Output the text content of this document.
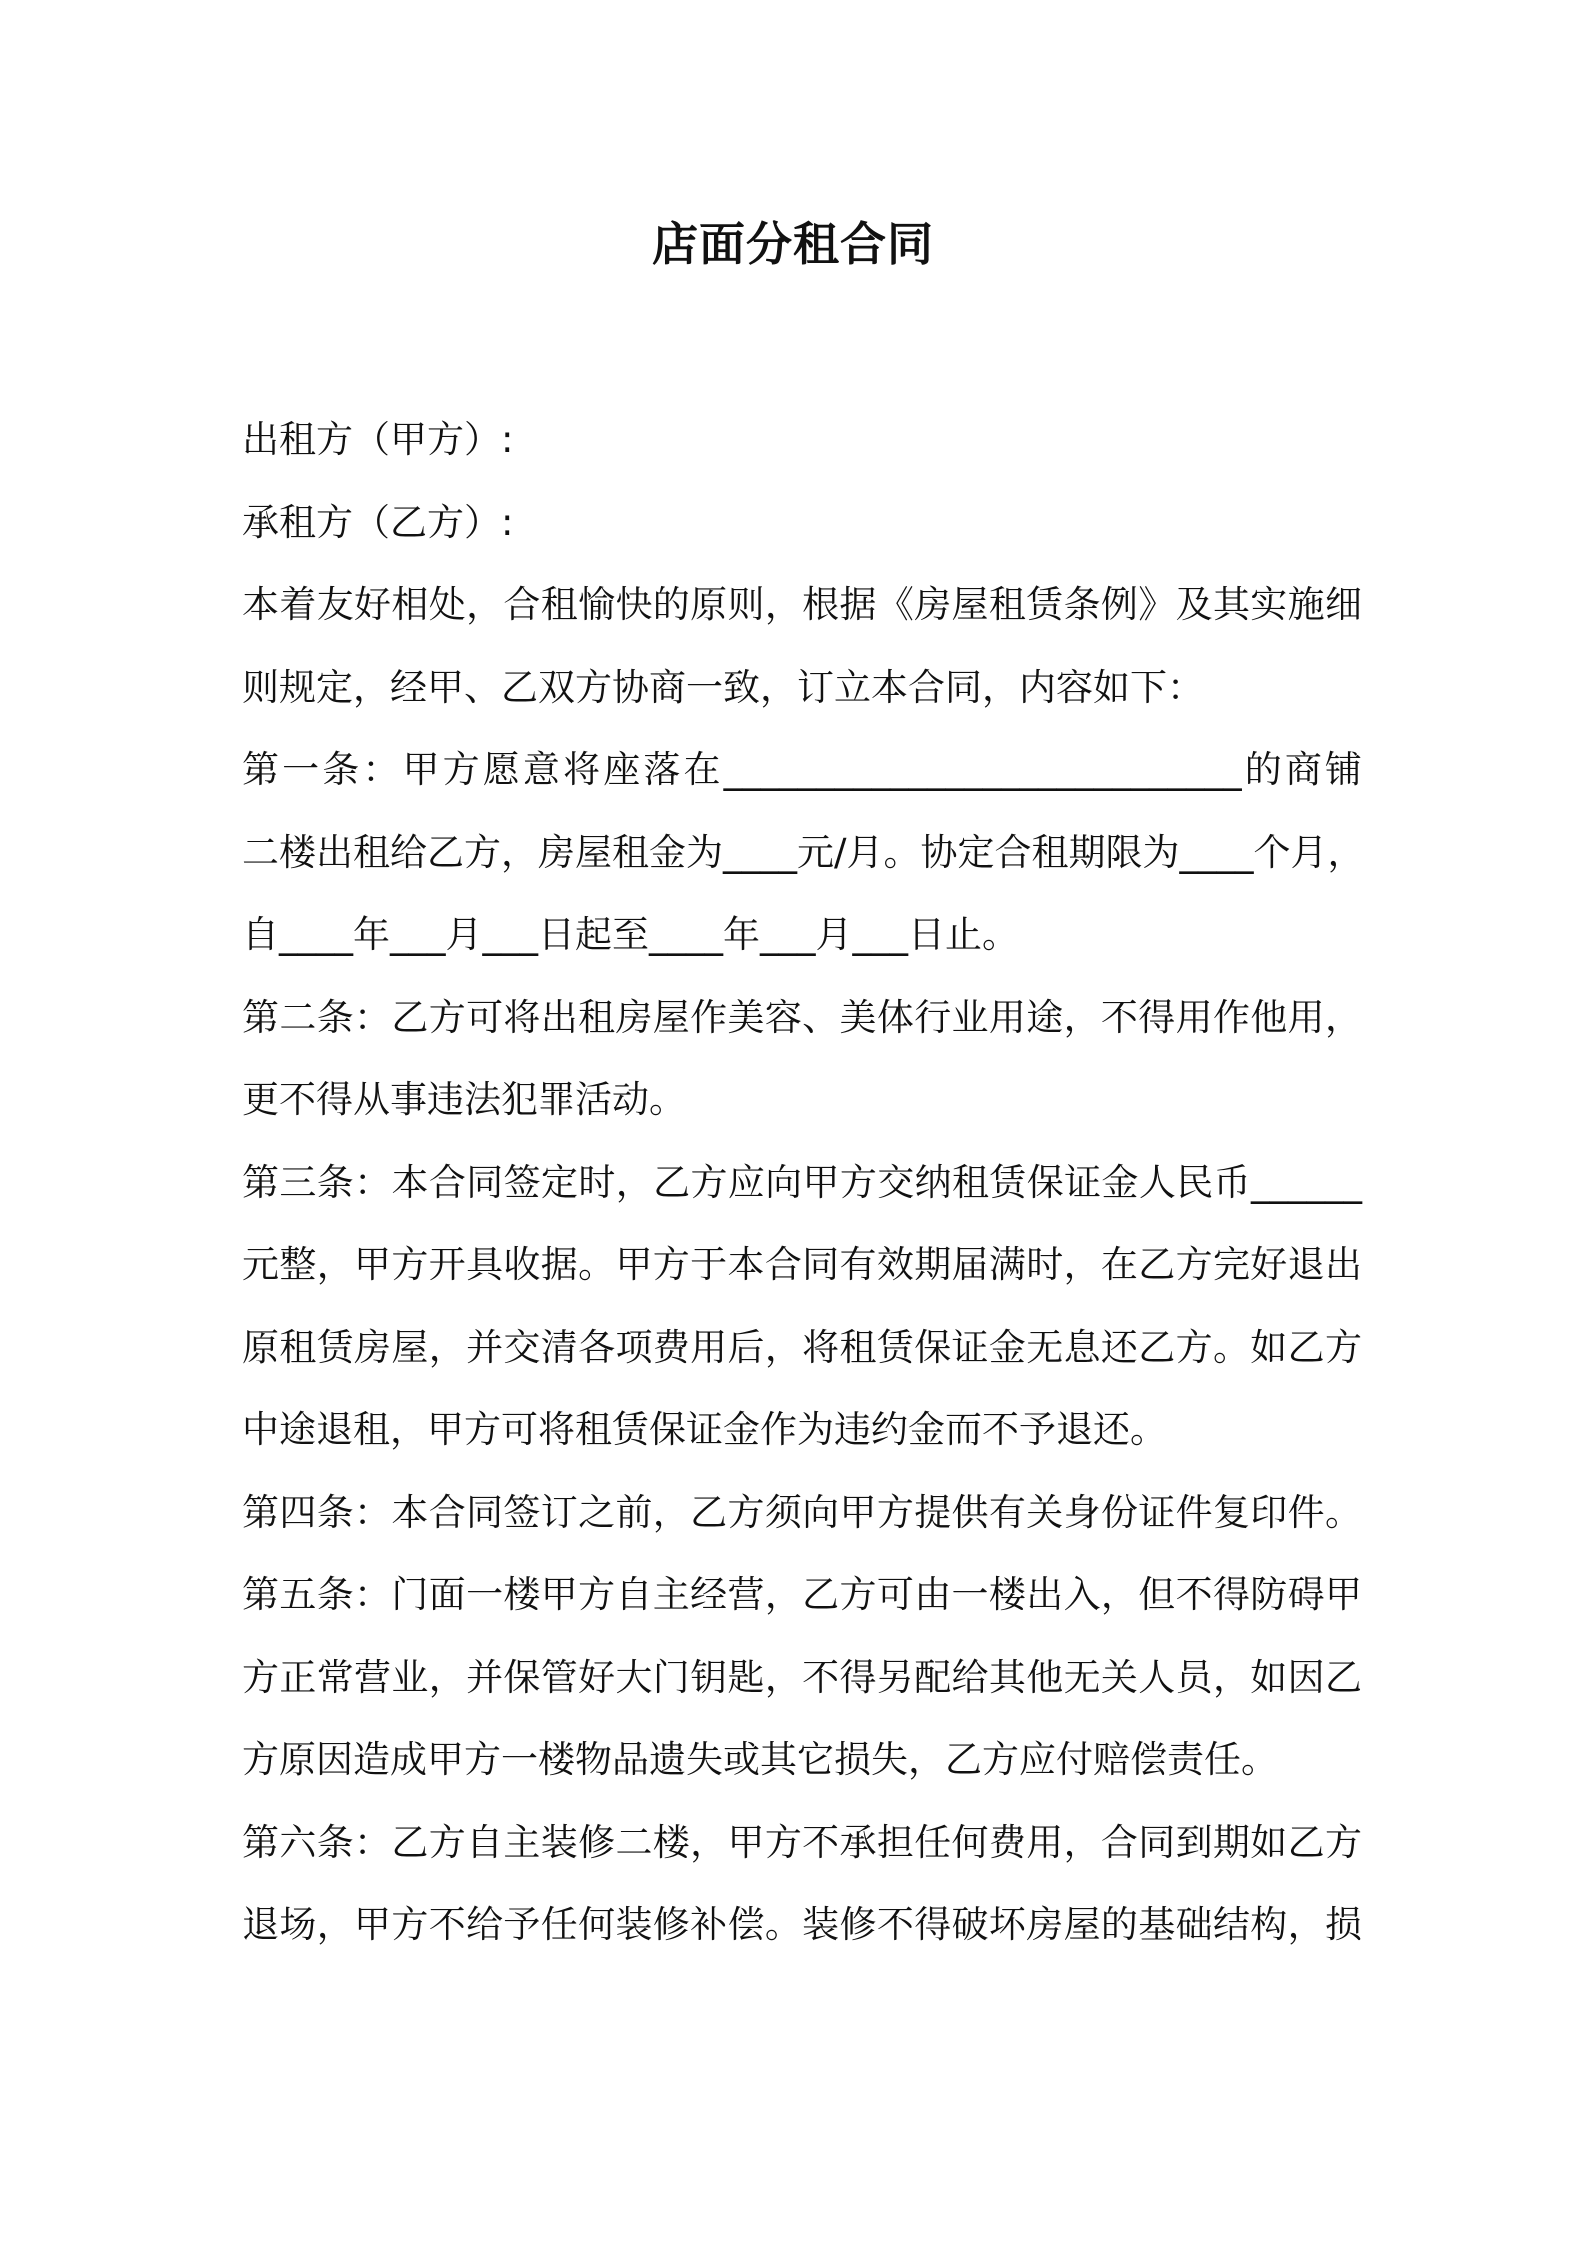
店面分租合同
出租方（甲方）:
承租方（乙方）:
本着友好相处，合租愉快的原则，根据《房屋租赁条例》及其实施细
则规定，经甲、乙双方协商一致，订立本合同，内容如下：
第一条：甲方愿意将座落在____________________________的商铺
二楼出租给乙方，房屋租金为____元/月。协定合租期限为____个月，
自____年___月___日起至____年___月___日止。
第二条：乙方可将出租房屋作美容、美体行业用途，不得用作他用，
更不得从事违法犯罪活动。
第三条：本合同签定时，乙方应向甲方交纳租赁保证金人民币______
元整，甲方开具收据。甲方于本合同有效期届满时，在乙方完好退出
原租赁房屋，并交清各项费用后，将租赁保证金无息还乙方。如乙方
中途退租，甲方可将租赁保证金作为违约金而不予退还。
第四条：本合同签订之前，乙方须向甲方提供有关身份证件复印件。
第五条：门面一楼甲方自主经营，乙方可由一楼出入，但不得防碍甲
方正常营业，并保管好大门钥匙，不得另配给其他无关人员，如因乙
方原因造成甲方一楼物品遗失或其它损失，乙方应付赔偿责任。
第六条：乙方自主装修二楼，甲方不承担任何费用，合同到期如乙方
退场，甲方不给予任何装修补偿。装修不得破坏房屋的基础结构，损
